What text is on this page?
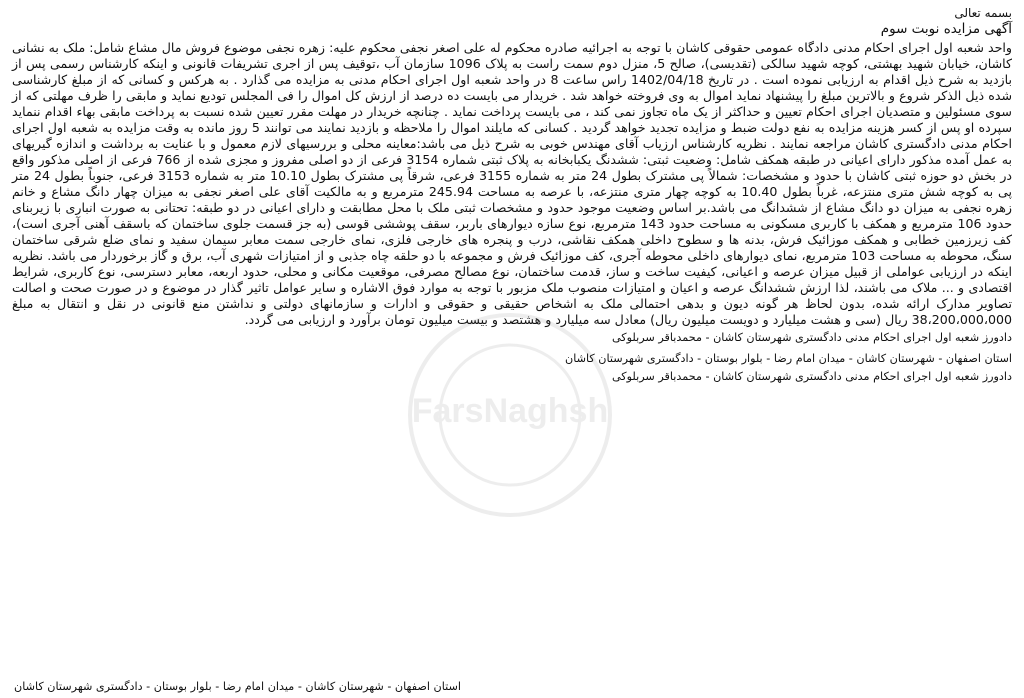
FarsNaghsh
بسمه تعالی
آگهی مزایده نوبت سوم
واحد شعبه اول اجرای احکام مدنی دادگاه عمومی حقوقی کاشان با توجه به اجرائیه صادره محکوم له علی اصغر نجفی محکوم علیه: زهره نجفی موضوع فروش مال مشاع شامل: ملک به نشانی کاشان، خیابان شهید بهشتی، کوچه شهید سالکی (تقدیسی)، صالح 5، منزل دوم سمت راست به پلاک 1096 سازمان آب ،توقیف پس از اجری تشریفات قانونی و اینکه کارشناس رسمی پس از بازدید به شرح ذیل اقدام به ارزیابی نموده است . در تاریخ 1402/04/18 راس ساعت 8 در واحد شعبه اول اجرای احکام مدنی به مزایده می گذارد . به هرکس و کسانی که از مبلغ کارشناسی شده ذیل الذکر شروع و بالاترین مبلغ را پیشنهاد نماید اموال به وی فروخته خواهد شد . خریدار می بایست ده درصد از ارزش کل اموال را فی المجلس تودیع نماید و مابقی را ظرف مهلتی که از سوی مسئولین و متصدیان اجرای احکام تعیین و حداکثر از یک ماه تجاوز نمی کند ، می بایست پرداخت نماید . چنانچه خریدار در مهلت مقرر تعیین شده نسبت به پرداخت مابقی بهاء اقدام ننماید سپرده او پس از کسر هزینه مزایده به نفع دولت ضبط و مزایده تجدید خواهد گردید . کسانی که مایلند اموال را ملاحظه و بازدید نمایند می توانند 5 روز مانده به وقت مزایده به شعبه اول اجرای احکام مدنی دادگستری کاشان مراجعه نمایند . نظریه کارشناس ارزیاب آقای مهندس خوبی به شرح ذیل می باشد:معاینه محلی و بررسیهای لازم معمول و با عنایت به برداشت و اندازه گیریهای به عمل آمده مذکور دارای اعیانی در طبقه همکف شامل: وضعیت ثبتی: ششدنگ یکبابخانه به پلاک ثبتی شماره 3154 فرعی از دو اصلی مفروز و مجزی شده از 766 فرعی از اصلی مذکور واقع در بخش دو حوزه ثبتی کاشان با حدود و مشخصات: شمالاً پی مشترک بطول 24 متر به شماره 3155 فرعی، شرقاً پی مشترک بطول 10.10 متر به شماره 3153 فرعی، جنوباً بطول 24 متر پی به کوچه شش متری منتزعه، غرباً بطول 10.40 به کوچه چهار متری منتزعه، با عرصه به مساحت 245.94 مترمربع و به مالکیت آقای علی اصغر نجفی به میزان چهار دانگ مشاع و خانم زهره نجفی به میزان دو دانگ مشاع از ششدانگ می باشد.بر اساس وضعیت موجود حدود و مشخصات ثبتی ملک با محل مطابقت و دارای اعیانی در دو طبقه: تحتانی به صورت انباری با زیربنای حدود 106 مترمربع و همکف با کاربری مسکونی به مساحت حدود 143 مترمربع، نوع سازه دیوارهای باربر، سقف پوششی قوسی (به جز قسمت جلوی ساختمان که باسقف آهنی آجری است)، کف زیرزمین خطابی و همکف موزائیک فرش، بدنه ها و سطوح داخلی همکف نقاشی، درب و پنجره های خارجی فلزی، نمای خارجی سمت معابر سیمان سفید و نمای ضلع شرقی ساختمان سنگ، محوطه به مساحت 103 مترمربع، نمای دیوارهای داخلی محوطه آجری، کف موزائیک فرش و مجموعه با دو حلقه چاه جذبی و از امتیازات شهری آب، برق و گاز برخوردار می باشد. نظریه اینکه در ارزیابی عواملی از قبیل میزان عرصه و اعیانی، کیفیت ساخت و ساز، قدمت ساختمان، نوع مصالح مصرفی، موقعیت مکانی و محلی، حدود اربعه، معابر دسترسی، نوع کاربری، شرایط اقتصادی و ... ملاک می باشند، لذا ارزش ششدانگ عرصه و اعیان و امتیازات منصوب ملک مزبور با توجه به موارد فوق الاشاره و سایر عوامل تاثیر گذار در موضوع و در صورت صحت و اصالت تصاویر مدارک ارائه شده، بدون لحاظ هر گونه دیون و بدهی احتمالی ملک به اشخاص حقیقی و حقوقی و ادارات و سازمانهای دولتی و نداشتن منع قانونی در نقل و انتقال به مبلغ 38،200،000،000 ریال (سی و هشت میلیارد و دویست میلیون ریال) معادل سه میلیارد و هشتصد و بیست میلیون تومان برآورد و ارزیابی می گردد.
دادورز شعبه اول اجرای احکام مدنی دادگستری شهرستان کاشان - محمدباقر سربلوکی
استان اصفهان - شهرستان کاشان - میدان امام رضا - بلوار بوستان - دادگستری شهرستان کاشان
دادورز شعبه اول اجرای احکام مدنی دادگستری شهرستان کاشان - محمدباقر سربلوکی
استان اصفهان - شهرستان کاشان - میدان امام رضا - بلوار بوستان - دادگستری شهرستان کاشان
